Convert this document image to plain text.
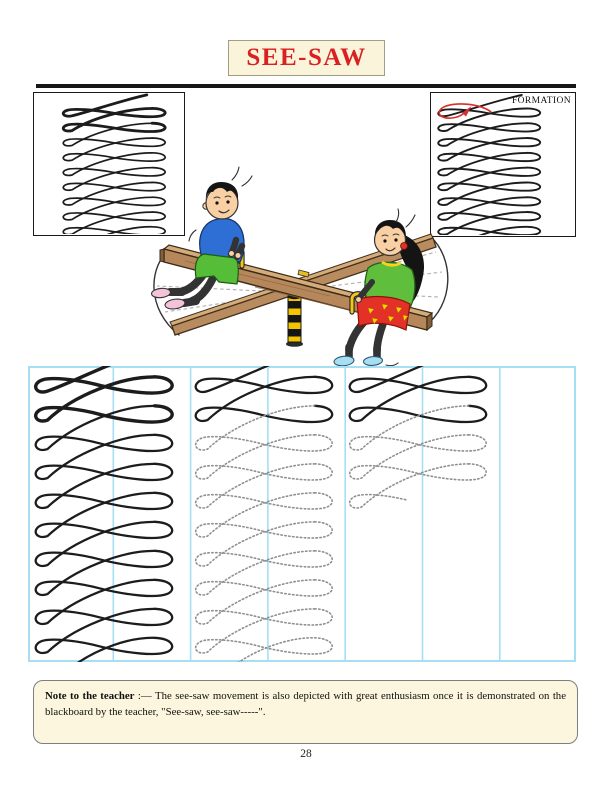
SEE-SAW
FORMATION
Note to the teacher :— The see-saw movement is also depicted with great enthusiasm once it is demonstrated on the blackboard by the teacher, "See-saw, see-saw-----".
28
